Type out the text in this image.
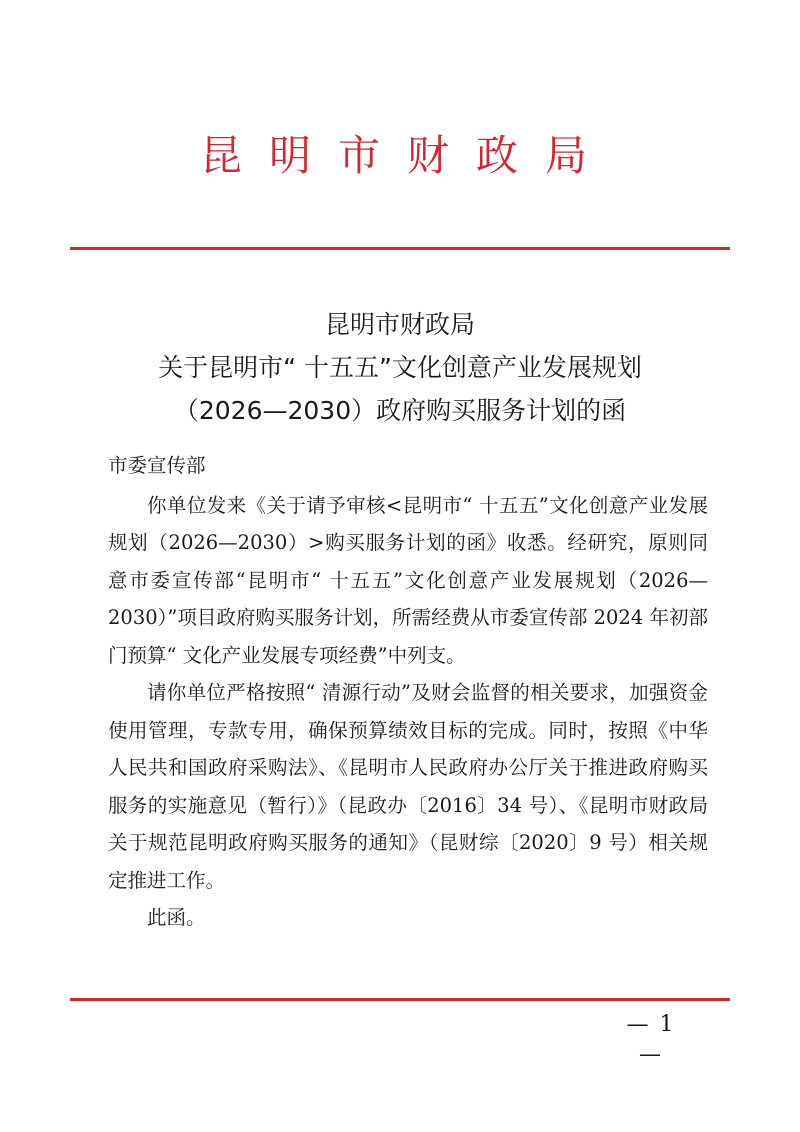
昆明市财政局
昆明市财政局
关于昆明市“ 十五五”文化创意产业发展规划
（2026—2030）政府购买服务计划的函

市委宣传部

你单位发来《关于请予审核<昆明市“ 十五五”文化创意产业发展规划（2026—2030）>购买服务计划的函》收悉。经研究，原则同意市委宣传部“昆明市“ 十五五”文化创意产业发展规划（2026—2030）”项目政府购买服务计划，所需经费从市委宣传部 2024 年初部门预算“ 文化产业发展专项经费”中列支。

请你单位严格按照“ 清源行动”及财会监督的相关要求，加强资金使用管理，专款专用，确保预算绩效目标的完成。同时，按照《中华人民共和国政府采购法》、《昆明市人民政府办公厅关于推进政府购买服务的实施意见（暂行）》（昆政办〔2016〕34 号）、《昆明市财政局关于规范昆明政府购买服务的通知》（昆财综〔2020〕9 号）相关规定推进工作。

此函。

— 1 —
